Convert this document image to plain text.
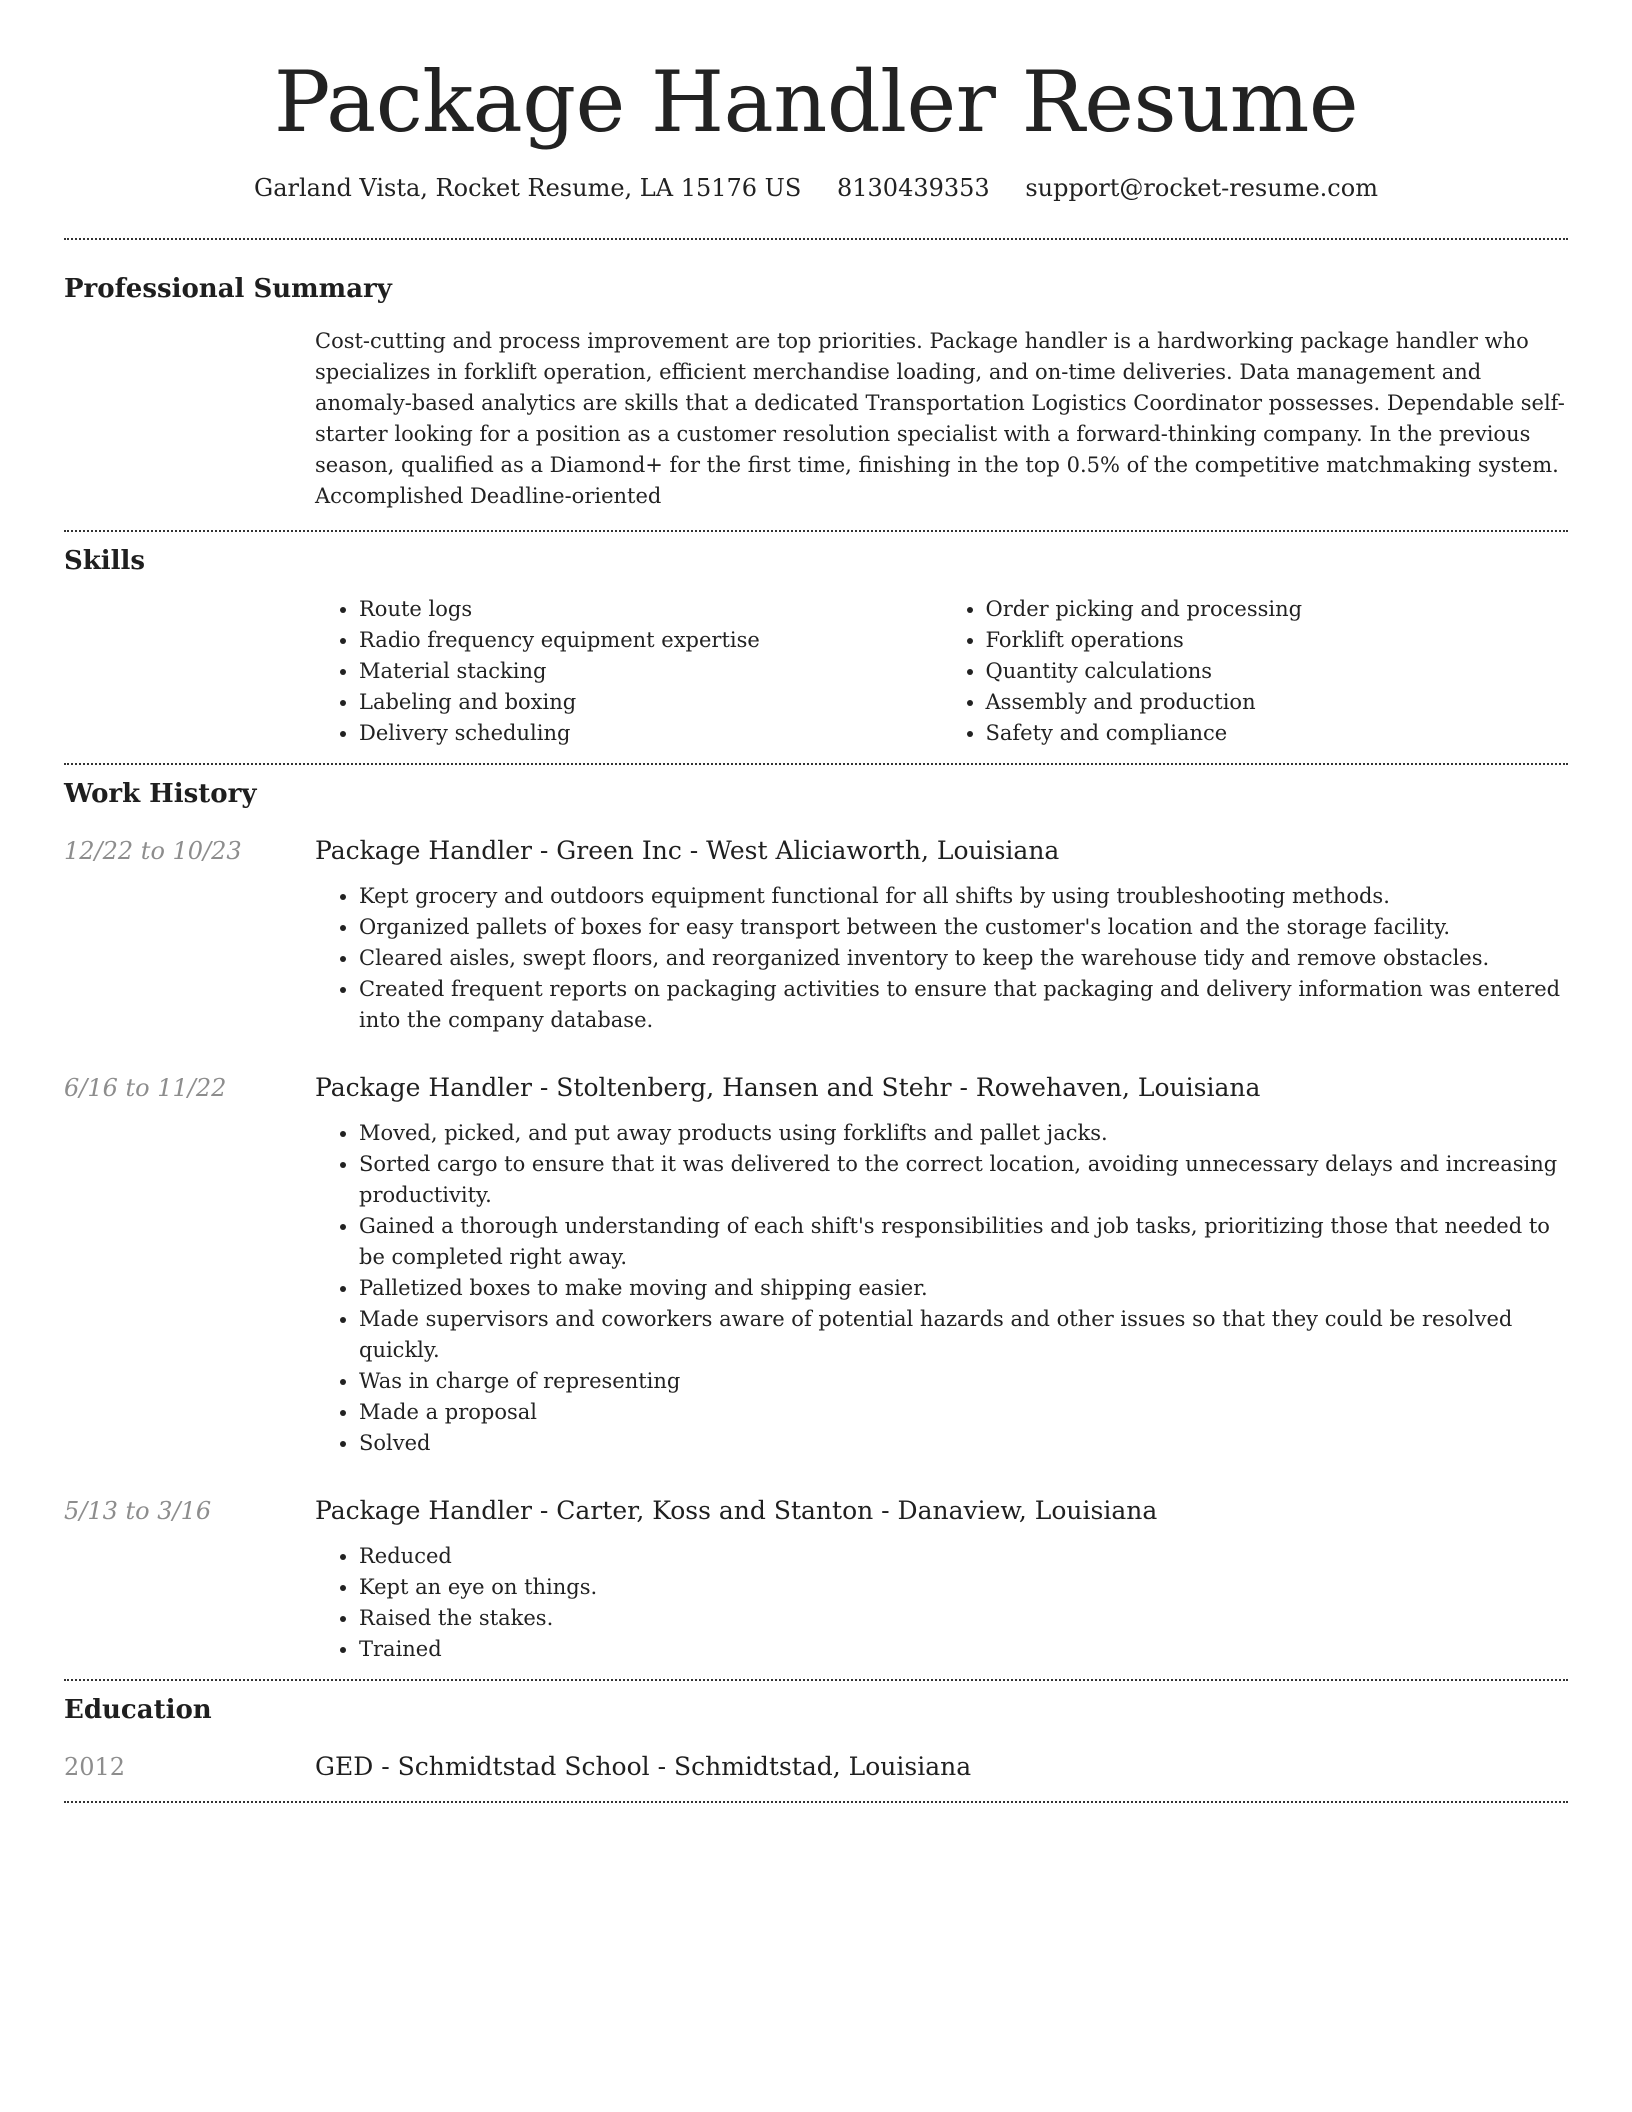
Package Handler Resume
Garland Vista, Rocket Resume, LA 15176 US 8130439353 support@rocket-resume.com
Professional Summary
Cost-cutting and process improvement are top priorities. Package handler is a hardworking package handler who specializes in forklift operation, efficient merchandise loading, and on-time deliveries. Data management and anomaly-based analytics are skills that a dedicated Transportation Logistics Coordinator possesses. Dependable self-starter looking for a position as a customer resolution specialist with a forward-thinking company. In the previous season, qualified as a Diamond+ for the first time, finishing in the top 0.5% of the competitive matchmaking system. Accomplished Deadline-oriented
Skills
• Route logs
• Radio frequency equipment expertise
• Material stacking
• Labeling and boxing
• Delivery scheduling
• Order picking and processing
• Forklift operations
• Quantity calculations
• Assembly and production
• Safety and compliance
Work History
12/22 to 10/23	Package Handler - Green Inc - West Aliciaworth, Louisiana
• Kept grocery and outdoors equipment functional for all shifts by using troubleshooting methods.
• Organized pallets of boxes for easy transport between the customer's location and the storage facility.
• Cleared aisles, swept floors, and reorganized inventory to keep the warehouse tidy and remove obstacles.
• Created frequent reports on packaging activities to ensure that packaging and delivery information was entered into the company database.
6/16 to 11/22	Package Handler - Stoltenberg, Hansen and Stehr - Rowehaven, Louisiana
• Moved, picked, and put away products using forklifts and pallet jacks.
• Sorted cargo to ensure that it was delivered to the correct location, avoiding unnecessary delays and increasing productivity.
• Gained a thorough understanding of each shift's responsibilities and job tasks, prioritizing those that needed to be completed right away.
• Palletized boxes to make moving and shipping easier.
• Made supervisors and coworkers aware of potential hazards and other issues so that they could be resolved quickly.
• Was in charge of representing
• Made a proposal
• Solved
5/13 to 3/16	Package Handler - Carter, Koss and Stanton - Danaview, Louisiana
• Reduced
• Kept an eye on things.
• Raised the stakes.
• Trained
Education
2012	GED - Schmidtstad School - Schmidtstad, Louisiana
